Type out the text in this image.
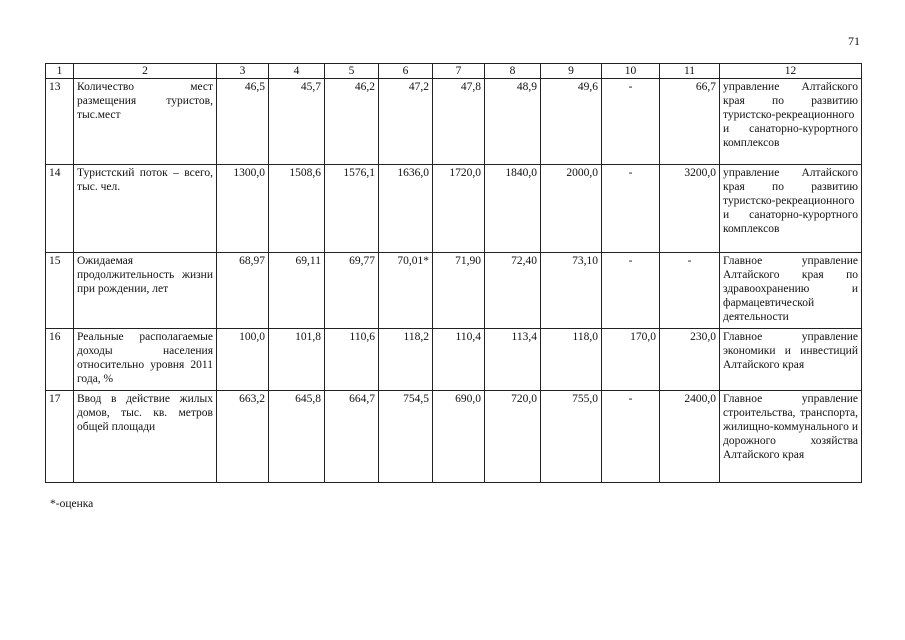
71
1	2	3	4	5	6	7	8	9	10	11	12
13	Количество мест размещения туристов, тыс.мест	46,5	45,7	46,2	47,2	47,8	48,9	49,6	-	66,7	управление Алтайского края по развитию туристско-рекреационного и санаторно-курортного комплексов
14	Туристский поток – всего, тыс. чел.	1300,0	1508,6	1576,1	1636,0	1720,0	1840,0	2000,0	-	3200,0	управление Алтайского края по развитию туристско-рекреационного и санаторно-курортного комплексов
15	Ожидаемая продолжительность жизни при рождении, лет	68,97	69,11	69,77	70,01*	71,90	72,40	73,10	-	-	Главное управление Алтайского края по здравоохранению и фармацевтической деятельности
16	Реальные располагаемые доходы населения относительно уровня 2011 года, %	100,0	101,8	110,6	118,2	110,4	113,4	118,0	170,0	230,0	Главное управление экономики и инвестиций Алтайского края
17	Ввод в действие жилых домов, тыс. кв. метров общей площади	663,2	645,8	664,7	754,5	690,0	720,0	755,0	-	2400,0	Главное управление строительства, транспорта, жилищно-коммунального и дорожного хозяйства Алтайского края
*-оценка
